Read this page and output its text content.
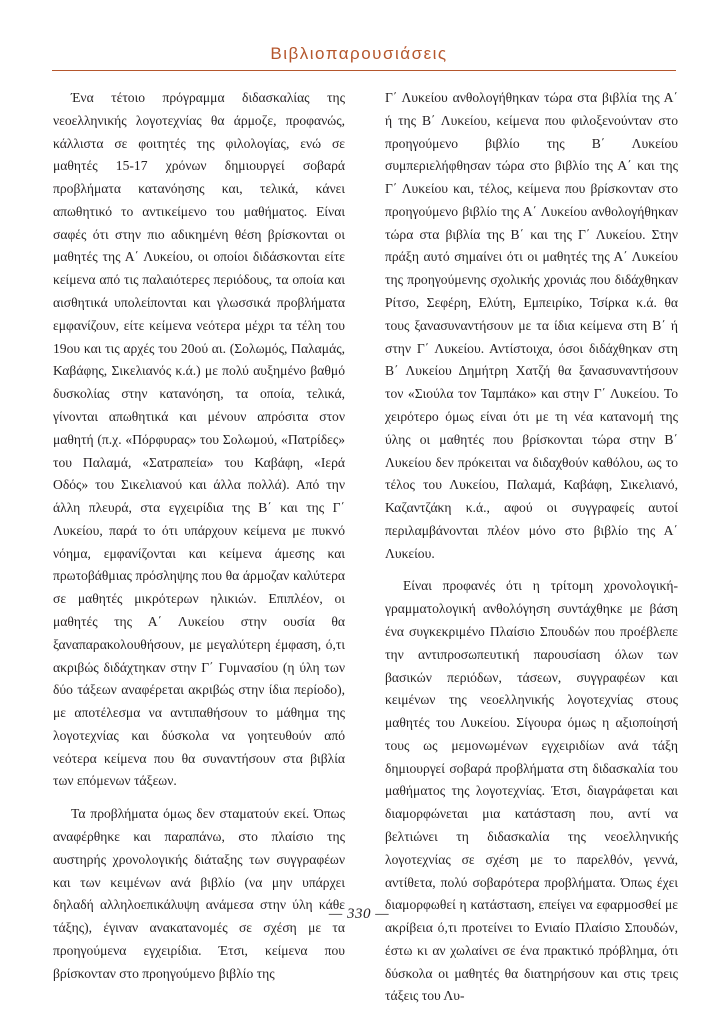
Βιβλιοπαρουσιάσεις

Ένα τέτοιο πρόγραμμα διδασκαλίας της νεοελληνικής λογοτεχνίας θα άρμοζε, προφανώς, κάλλιστα σε φοιτητές της φιλολογίας, ενώ σε μαθητές 15-17 χρόνων δημιουργεί σοβαρά προβλήματα κατανόησης και, τελικά, κάνει απωθητικό το αντικείμενο του μαθήματος. Είναι σαφές ότι στην πιο αδικημένη θέση βρίσκονται οι μαθητές της Α΄ Λυκείου, οι οποίοι διδάσκονται είτε κείμενα από τις παλαιότερες περιόδους, τα οποία και αισθητικά υπολείπονται και γλωσσικά προβλήματα εμφανίζουν, είτε κείμενα νεότερα μέχρι τα τέλη του 19ου και τις αρχές του 20ού αι. (Σολωμός, Παλαμάς, Καβάφης, Σικελιανός κ.ά.) με πολύ αυξημένο βαθμό δυσκολίας στην κατανόηση, τα οποία, τελικά, γίνονται απωθητικά και μένουν απρόσιτα στον μαθητή (π.χ. «Πόρφυρας» του Σολωμού, «Πατρίδες» του Παλαμά, «Σατραπεία» του Καβάφη, «Ιερά Οδός» του Σικελιανού και άλλα πολλά). Από την άλλη πλευρά, στα εγχειρίδια της Β΄ και της Γ΄ Λυκείου, παρά το ότι υπάρχουν κείμενα με πυκνό νόημα, εμφανίζονται και κείμενα άμεσης και πρωτοβάθμιας πρόσληψης που θα άρμοζαν καλύτερα σε μαθητές μικρότερων ηλικιών. Επιπλέον, οι μαθητές της Α΄ Λυκείου στην ουσία θα ξαναπαρακολουθήσουν, με μεγαλύτερη έμφαση, ό,τι ακριβώς διδάχτηκαν στην Γ΄ Γυμνασίου (η ύλη των δύο τάξεων αναφέρεται ακριβώς στην ίδια περίοδο), με αποτέλεσμα να αντιπαθήσουν το μάθημα της λογοτεχνίας και δύσκολα να γοητευθούν από νεότερα κείμενα που θα συναντήσουν στα βιβλία των επόμενων τάξεων.

Τα προβλήματα όμως δεν σταματούν εκεί. Όπως αναφέρθηκε και παραπάνω, στο πλαίσιο της αυστηρής χρονολογικής διάταξης των συγγραφέων και των κειμένων ανά βιβλίο (να μην υπάρχει δηλαδή αλληλοεπικάλυψη ανάμεσα στην ύλη κάθε τάξης), έγιναν ανακατανομές σε σχέση με τα προηγούμενα εγχειρίδια. Έτσι, κείμενα που βρίσκονταν στο προηγούμενο βιβλίο της

Γ΄ Λυκείου ανθολογήθηκαν τώρα στα βιβλία της Α΄ ή της Β΄ Λυκείου, κείμενα που φιλοξενούνταν στο προηγούμενο βιβλίο της Β΄ Λυκείου συμπεριελήφθησαν τώρα στο βιβλίο της Α΄ και της Γ΄ Λυκείου και, τέλος, κείμενα που βρίσκονταν στο προηγούμενο βιβλίο της Α΄ Λυκείου ανθολογήθηκαν τώρα στα βιβλία της Β΄ και της Γ΄ Λυκείου. Στην πράξη αυτό σημαίνει ότι οι μαθητές της Α΄ Λυκείου της προηγούμενης σχολικής χρονιάς που διδάχθηκαν Ρίτσο, Σεφέρη, Ελύτη, Εμπειρίκο, Τσίρκα κ.ά. θα τους ξανασυναντήσουν με τα ίδια κείμενα στη Β΄ ή στην Γ΄ Λυκείου. Αντίστοιχα, όσοι διδάχθηκαν στη Β΄ Λυκείου Δημήτρη Χατζή θα ξανασυναντήσουν τον «Σιούλα τον Ταμπάκο» και στην Γ΄ Λυκείου. Το χειρότερο όμως είναι ότι με τη νέα κατανομή της ύλης οι μαθητές που βρίσκονται τώρα στην Β΄ Λυκείου δεν πρόκειται να διδαχθούν καθόλου, ως το τέλος του Λυκείου, Παλαμά, Καβάφη, Σικελιανό, Καζαντζάκη κ.ά., αφού οι συγγραφείς αυτοί περιλαμβάνονται πλέον μόνο στο βιβλίο της Α΄ Λυκείου.

Είναι προφανές ότι η τρίτομη χρονολογική-γραμματολογική ανθολόγηση συντάχθηκε με βάση ένα συγκεκριμένο Πλαίσιο Σπουδών που προέβλεπε την αντιπροσωπευτική παρουσίαση όλων των βασικών περιόδων, τάσεων, συγγραφέων και κειμένων της νεοελληνικής λογοτεχνίας στους μαθητές του Λυκείου. Σίγουρα όμως η αξιοποίησή τους ως μεμονωμένων εγχειριδίων ανά τάξη δημιουργεί σοβαρά προβλήματα στη διδασκαλία του μαθήματος της λογοτεχνίας. Έτσι, διαγράφεται και διαμορφώνεται μια κατάσταση που, αντί να βελτιώνει τη διδασκαλία της νεοελληνικής λογοτεχνίας σε σχέση με το παρελθόν, γεννά, αντίθετα, πολύ σοβαρότερα προβλήματα. Όπως έχει διαμορφωθεί η κατάσταση, επείγει να εφαρμοσθεί με ακρίβεια ό,τι προτείνει το Ενιαίο Πλαίσιο Σπουδών, έστω κι αν χωλαίνει σε ένα πρακτικό πρόβλημα, ότι δύσκολα οι μαθητές θα διατηρήσουν και στις τρεις τάξεις του Λυ-

— 330 —
